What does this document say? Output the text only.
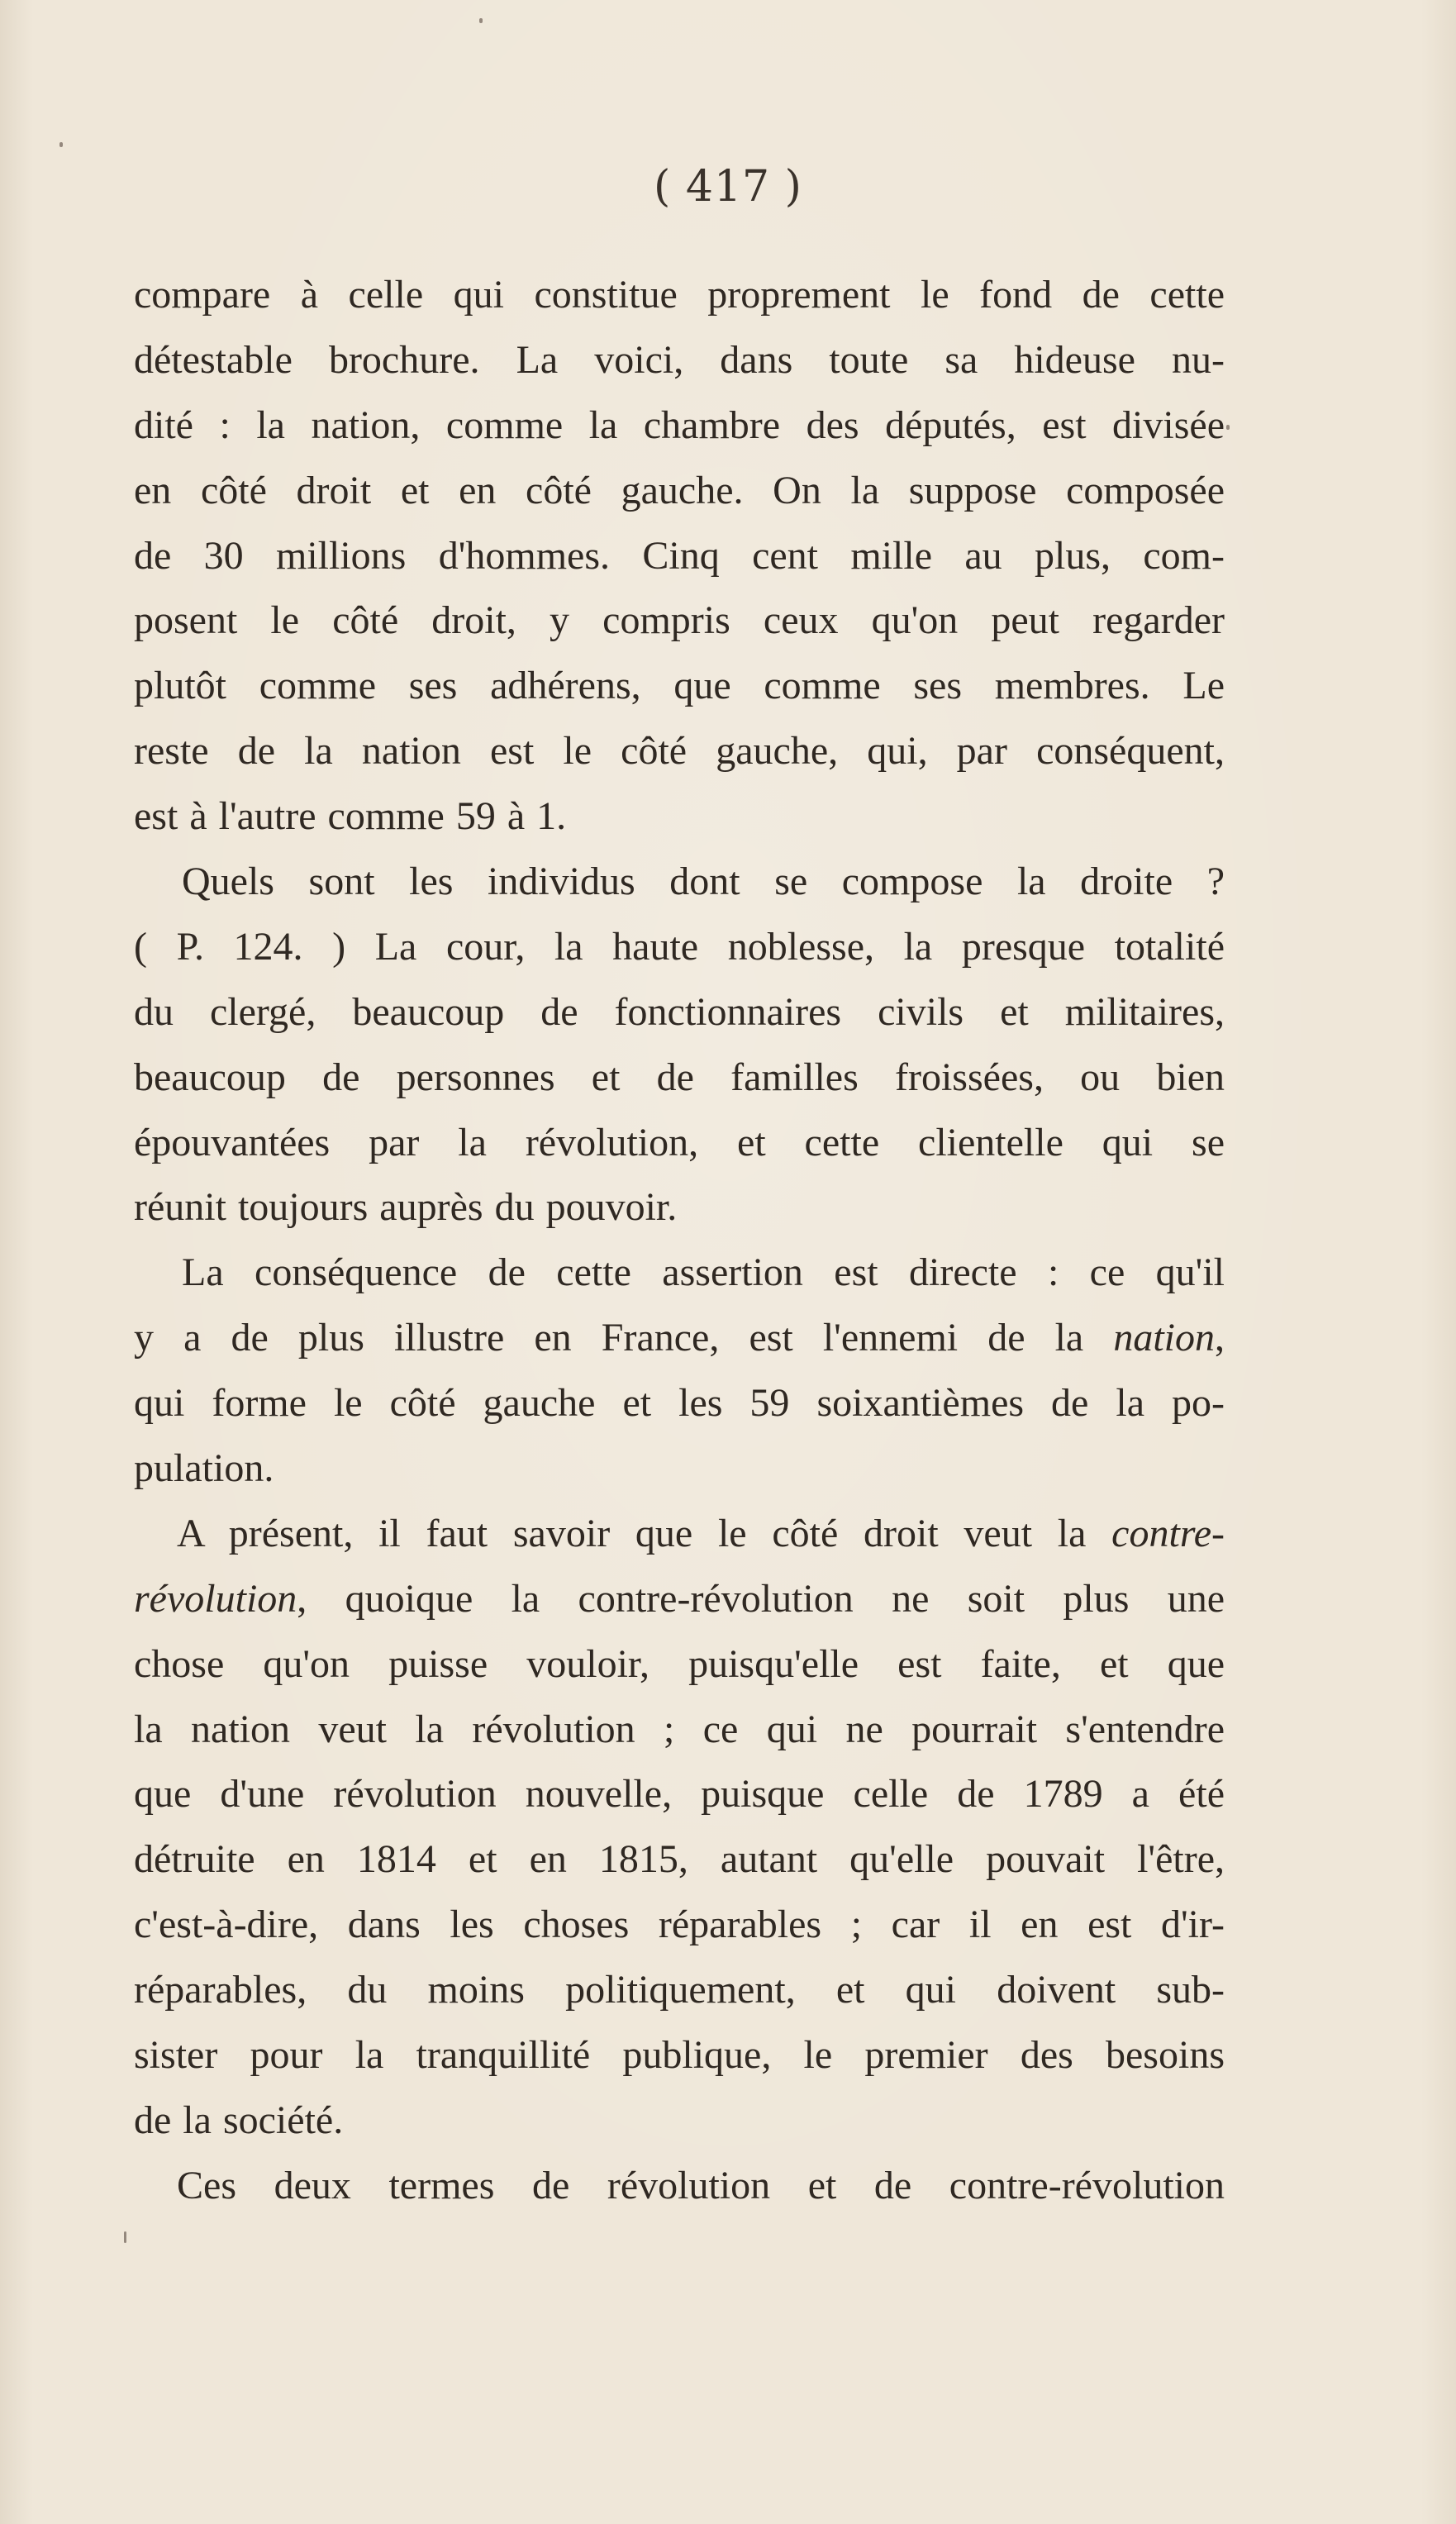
( 417 )
compare à celle qui constitue proprement le fond de cette
détestable brochure. La voici, dans toute sa hideuse nu-
dité : la nation, comme la chambre des députés, est divisée
en côté droit et en côté gauche. On la suppose composée
de 30 millions d'hommes. Cinq cent mille au plus, com-
posent le côté droit, y compris ceux qu'on peut regarder
plutôt comme ses adhérens, que comme ses membres. Le
reste de la nation est le côté gauche, qui, par conséquent,
est à l'autre comme 59 à 1.
Quels sont les individus dont se compose la droite ?
( P. 124. ) La cour, la haute noblesse, la presque totalité
du clergé, beaucoup de fonctionnaires civils et militaires,
beaucoup de personnes et de familles froissées, ou bien
épouvantées par la révolution, et cette clientelle qui se
réunit toujours auprès du pouvoir.
La conséquence de cette assertion est directe : ce qu'il
y a de plus illustre en France, est l'ennemi de la nation,
qui forme le côté gauche et les 59 soixantièmes de la po-
pulation.
A présent, il faut savoir que le côté droit veut la contre-
révolution, quoique la contre-révolution ne soit plus une
chose qu'on puisse vouloir, puisqu'elle est faite, et que
la nation veut la révolution ; ce qui ne pourrait s'entendre
que d'une révolution nouvelle, puisque celle de 1789 a été
détruite en 1814 et en 1815, autant qu'elle pouvait l'être,
c'est-à-dire, dans les choses réparables ; car il en est d'ir-
réparables, du moins politiquement, et qui doivent sub-
sister pour la tranquillité publique, le premier des besoins
de la société.
Ces deux termes de révolution et de contre-révolution
